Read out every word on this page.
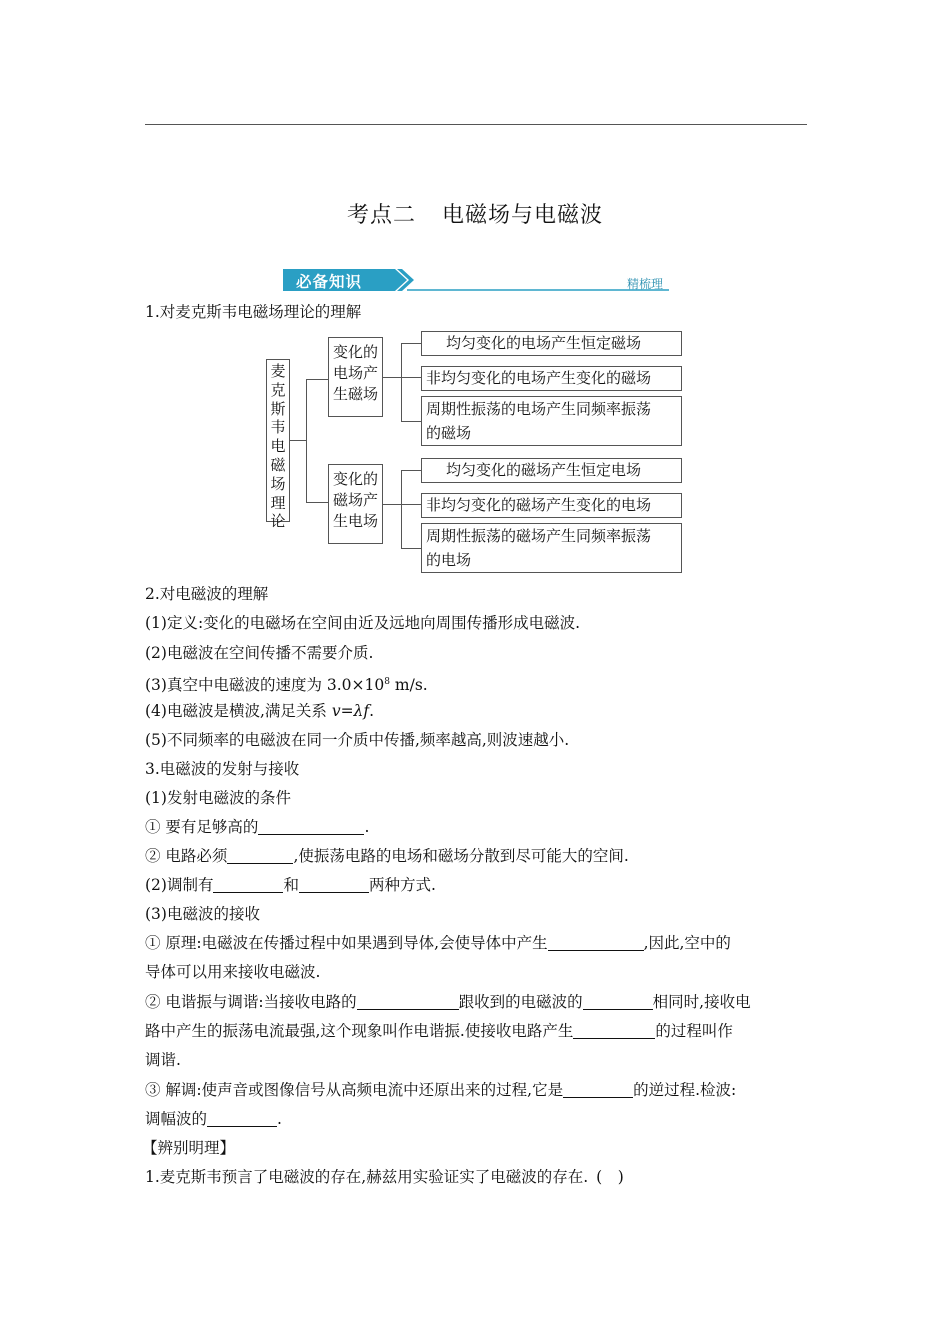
考点二 电磁场与电磁波
必备知识	精梳理
1.对麦克斯韦电磁场理论的理解
麦克斯韦电磁场理论
变化的
电场产
生磁场
均匀变化的电场产生恒定磁场
非均匀变化的电场产生变化的磁场
周期性振荡的电场产生同频率振荡
的磁场
变化的
磁场产
生电场
均匀变化的磁场产生恒定电场
非均匀变化的磁场产生变化的电场
周期性振荡的磁场产生同频率振荡
的电场
2.对电磁波的理解
(1)定义:变化的电磁场在空间由近及远地向周围传播形成电磁波.
(2)电磁波在空间传播不需要介质.
(3)真空中电磁波的速度为 $3.0\times 10^8$ m/s.
(4)电磁波是横波,满足关系 v=λf.
(5)不同频率的电磁波在同一介质中传播,频率越高,则波速越小.
3.电磁波的发射与接收
(1)发射电磁波的条件
① 要有足够高的	.
② 电路必须	,使振荡电路的电场和磁场分散到尽可能大的空间.
(2)调制有	和	两种方式.
(3)电磁波的接收
① 原理:电磁波在传播过程中如果遇到导体,会使导体中产生	,因此,空中的
导体可以用来接收电磁波.
② 电谐振与调谐:当接收电路的	跟收到的电磁波的	相同时,接收电
路中产生的振荡电流最强,这个现象叫作电谐振.使接收电路产生	的过程叫作
调谐.
③ 解调:使声音或图像信号从高频电流中还原出来的过程,它是	的逆过程.检波:
调幅波的	.
【辨别明理】
1.麦克斯韦预言了电磁波的存在,赫兹用实验证实了电磁波的存在. (　)
